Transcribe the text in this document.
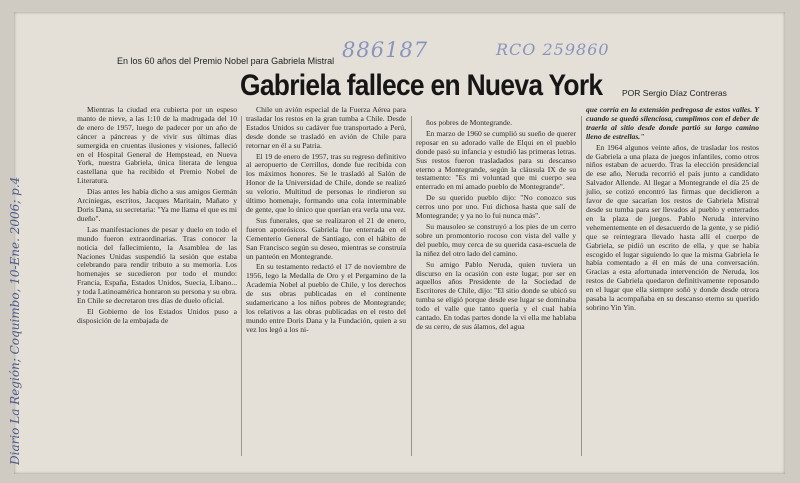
886187	RCO 259860
En los 60 años del Premio Nobel para Gabriela Mistral
Gabriela fallece en Nueva York POR Sergio Díaz Contreras

Mientras la ciudad era cubierta por un espeso manto de nieve, a las 1:10 de la madrugada del 10 de enero de 1957, luego de padecer por un año de cáncer a páncreas y de vivir sus últimas días sumergida en cruentas ilusiones y visiones, falleció en el Hospital General de Hempstead, en Nueva York, nuestra Gabriela, única literata de lengua castellana que ha recibido el Premio Nobel de Literatura.

Días antes les había dicho a sus amigos Germán Arciniegas, escritos, Jacques Maritain, Mañato y Doris Dana, su secretaria: "Ya me llama el que es mi dueño".

Las manifestaciones de pesar y duelo en todo el mundo fueron extraordinarias. Tras conocer la noticia del fallecimiento, la Asamblea de las Naciones Unidas suspendió la sesión que estaba celebrando para rendir tributo a su memoria. Los homenajes se sucedieron por todo el mundo: Francia, España, Estados Unidos, Suecia, Líbano... y toda Latinoamérica honraron su persona y su obra. En Chile se decretaron tres días de duelo oficial.

El Gobierno de los Estados Unidos puso a disposición de la embajada de

Chile un avión especial de la Fuerza Aérea para trasladar los restos en la gran tumba a Chile. Desde Estados Unidos su cadáver fue transportado a Perú, desde donde se trasladó en avión de Chile para retornar en él a su Patria.

El 19 de enero de 1957, tras su regreso definitivo al aeropuerto de Cerrillos, donde fue recibida con los máximos honores. Se le trasladó al Salón de Honor de la Universidad de Chile, donde se realizó su velorio. Multitud de personas le rindieron su último homenaje, formando una cola interminable de gente, que lo único que querían era verla una vez.

Sus funerales, que se realizaron el 21 de enero, fueron apoteósicos. Gabriela fue enterrada en el Cementerio General de Santiago, con el hábito de San Francisco según su deseo, mientras se construía un panteón en Montegrande.

En su testamento redactó el 17 de noviembre de 1956, lego la Medalla de Oro y el Pergamino de la Academia Nobel al pueblo de Chile, y los derechos de sus obras publicadas en el continente sudamericano a los niños pobres de Montegrande; los relativos a las obras publicadas en el resto del mundo entre Doris Dana y la Fundación, quien a su vez los legó a los ni-

ños pobres de Montegrande.

En marzo de 1960 se cumplió su sueño de querer reposar en su adorado valle de Elqui en el pueblo donde pasó su infancia y estudió las primeras letras. Sus restos fueron trasladados para su descanso eterno a Montegrande, según la cláusula IX de su testamento: "Es mi voluntad que mi cuerpo sea enterrado en mi amado pueblo de Montegrande".

De su querido pueblo dijo: "No conozco sus cerros uno por uno. Fui dichosa hasta que salí de Montegrande; y ya no lo fui nunca más".

Su mausoleo se construyó a los pies de un cerro sobre un promontorio rocoso con vista del valle y del pueblo, muy cerca de su querida casa-escuela de la niñez del otro lado del camino.

Su amigo Pablo Neruda, quien tuviera un discurso en la ocasión con este lugar, por ser en aquellos años Presidente de la Sociedad de Escritores de Chile, dijo: "El sitio donde se ubicó su tumba se eligió porque desde ese lugar se dominaba todo el valle que tanto quería y el cual había cantado. En todas partes donde la vi ella me hablaba de su cerro, de sus álamos, del agua

que corría en la extensión pedregosa de estos valles. Y cuando se quedó silenciosa, cumplimos con el deber de traerla al sitio desde donde partió su largo camino lleno de estrellas."

En 1964 algunos veinte años, de trasladar los restos de Gabriela a una plaza de juegos infantiles, como otros niños estaban de acuerdo. Tras la elección presidencial de ese año, Neruda recorrió el país junto a candidato Salvador Allende. Al llegar a Montegrande el día 25 de julio, se cotizó encontró las firmas que decidieron a favor de que sacarían los restos de Gabriela Mistral desde su tumba para ser llevados al pueblo y enterrados en la plaza de juegos. Pablo Neruda intervino vehementemente en el desacuerdo de la gente, y se pidió que se reintegrara llevado hasta allí el cuerpo de Gabriela, se pidió un escrito de ella, y que se había escogido el lugar siguiendo lo que la misma Gabriela le había comentado a él en más de una conversación. Gracias a esta afortunada intervención de Neruda, los restos de Gabriela quedaron definitivamente reposando en el lugar que ella siempre soñó y donde desde otrora pasaba la acompañaba en su descanso eterno su querido sobrino Yin Yin.

Diario La Región; Coquimbo, 10-Ene. 2006; p.4
